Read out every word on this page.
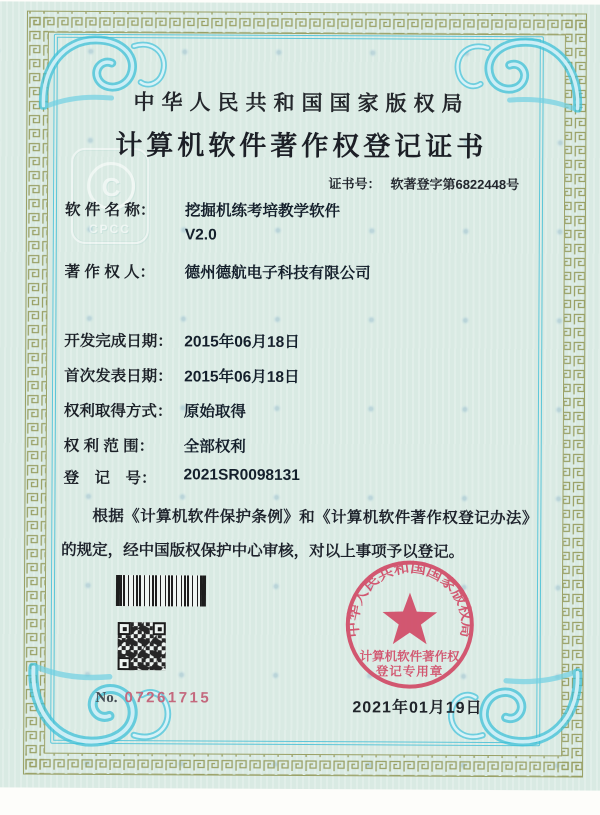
C
CPCC
中华人民共和国国家版权局
计算机软件著作权登记证书
证书号： 软著登字第6822448号
软 件 名 称： 挖掘机练考培教学软件
V2.0
著 作 权 人： 德州德航电子科技有限公司
开发完成日期： 2015年06月18日
首次发表日期： 2015年06月18日
权利取得方式： 原始取得
权 利 范 围： 全部权利
登　记　号： 2021SR0098131
根据《计算机软件保护条例》和《计算机软件著作权登记办法》的规定，经中国版权保护中心审核，对以上事项予以登记。
No. 07261715
2021年01月19日
中华人民共和国国家版权局
计算机软件著作权
登记专用章
